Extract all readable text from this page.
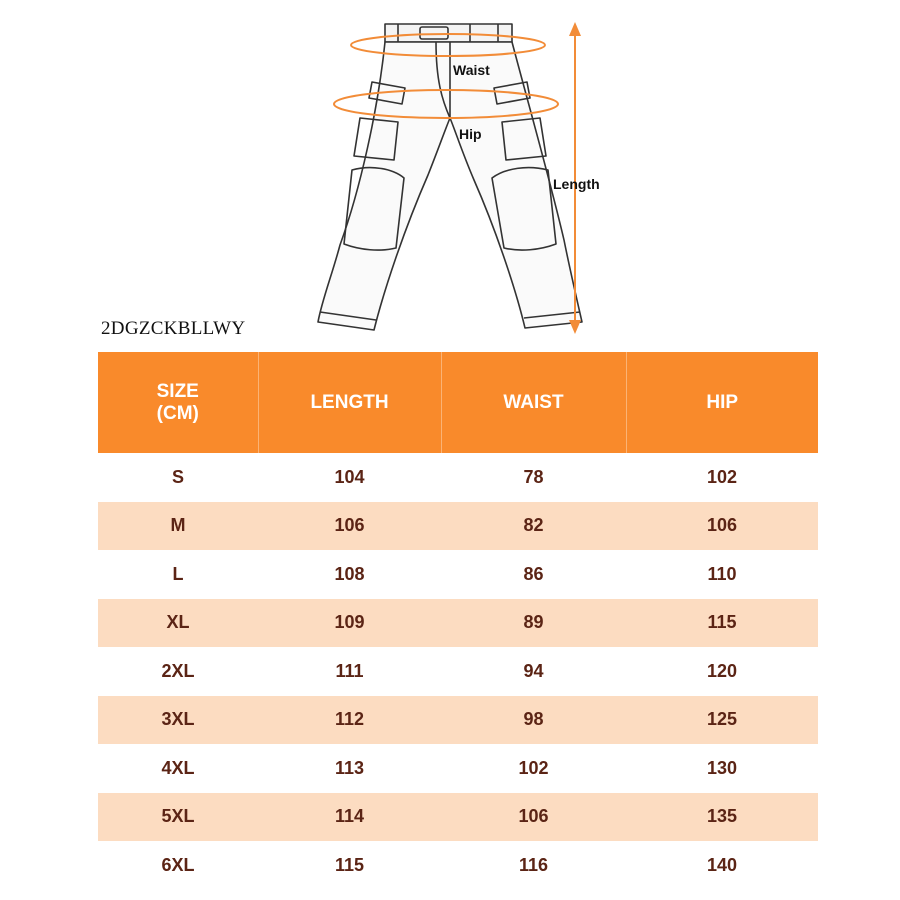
Waist
Hip
Length
2DGZCKBLLWY
SIZE
(CM)	LENGTH	WAIST	HIP
S	104	78	102
M	106	82	106
L	108	86	110
XL	109	89	115
2XL	111	94	120
3XL	112	98	125
4XL	113	102	130
5XL	114	106	135
6XL	115	116	140
